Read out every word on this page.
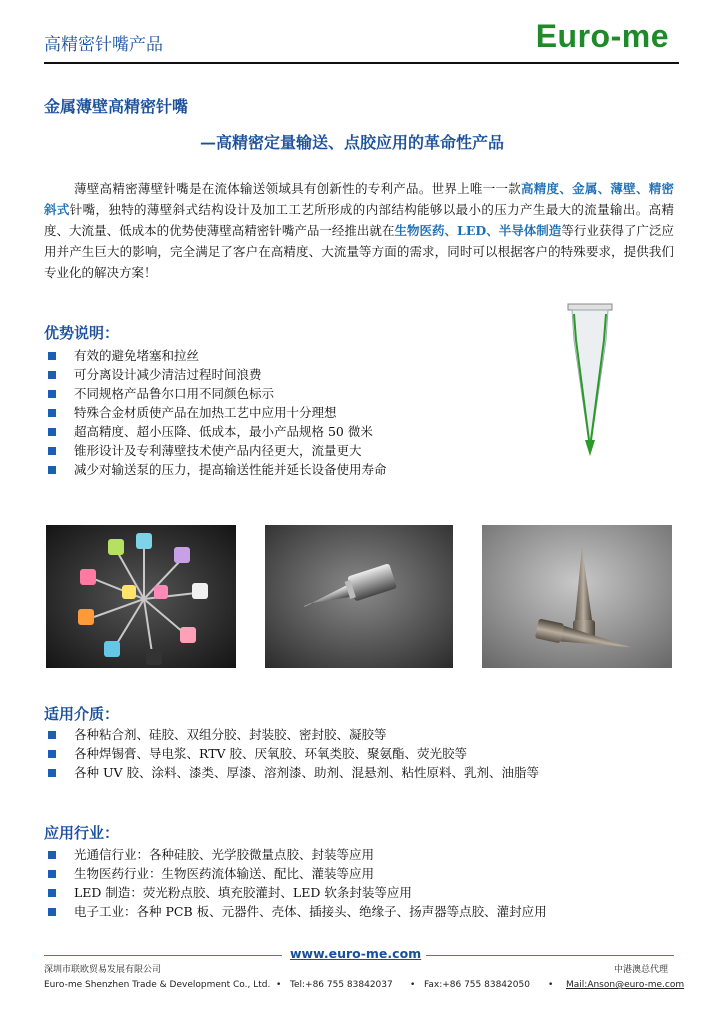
高精密针嘴产品	Euro-me
金属薄壁高精密针嘴
—高精密定量输送、点胶应用的革命性产品
薄壁高精密薄壁针嘴是在流体输送领域具有创新性的专利产品。世界上唯一一款高精度、金属、薄壁、精密斜式针嘴，独特的薄壁斜式结构设计及加工工艺所形成的内部结构能够以最小的压力产生最大的流量输出。高精度、大流量、低成本的优势使薄壁高精密针嘴产品一经推出就在生物医药、LED、半导体制造等行业获得了广泛应用并产生巨大的影响，完全满足了客户在高精度、大流量等方面的需求，同时可以根据客户的特殊要求，提供我们专业化的解决方案！
优势说明：
有效的避免堵塞和拉丝
可分离设计减少清洁过程时间浪费
不同规格产品鲁尔口用不同颜色标示
特殊合金材质使产品在加热工艺中应用十分理想
超高精度、超小压降、低成本，最小产品规格 50 微米
锥形设计及专利薄壁技术使产品内径更大，流量更大
减少对输送泵的压力，提高输送性能并延长设备使用寿命
适用介质：
各种粘合剂、硅胶、双组分胶、封装胶、密封胶、凝胶等
各种焊锡膏、导电浆、RTV 胶、厌氧胶、环氧类胶、聚氨酯、荧光胶等
各种 UV 胶、涂料、漆类、厚漆、溶剂漆、助剂、混悬剂、粘性原料、乳剂、油脂等
应用行业：
光通信行业：各种硅胶、光学胶微量点胶、封装等应用
生物医药行业：生物医药流体输送、配比、灌装等应用
LED 制造：荧光粉点胶、填充胶灌封、LED 软条封装等应用
电子工业：各种 PCB 板、元器件、壳体、插接头、绝缘子、扬声器等点胶、灌封应用
www.euro-me.com
深圳市联欧贸易发展有限公司	中港澳总代理
Euro-me Shenzhen Trade & Development Co., Ltd. • Tel:+86 755 83842037 • Fax:+86 755 83842050 • Mail:Anson@euro-me.com
